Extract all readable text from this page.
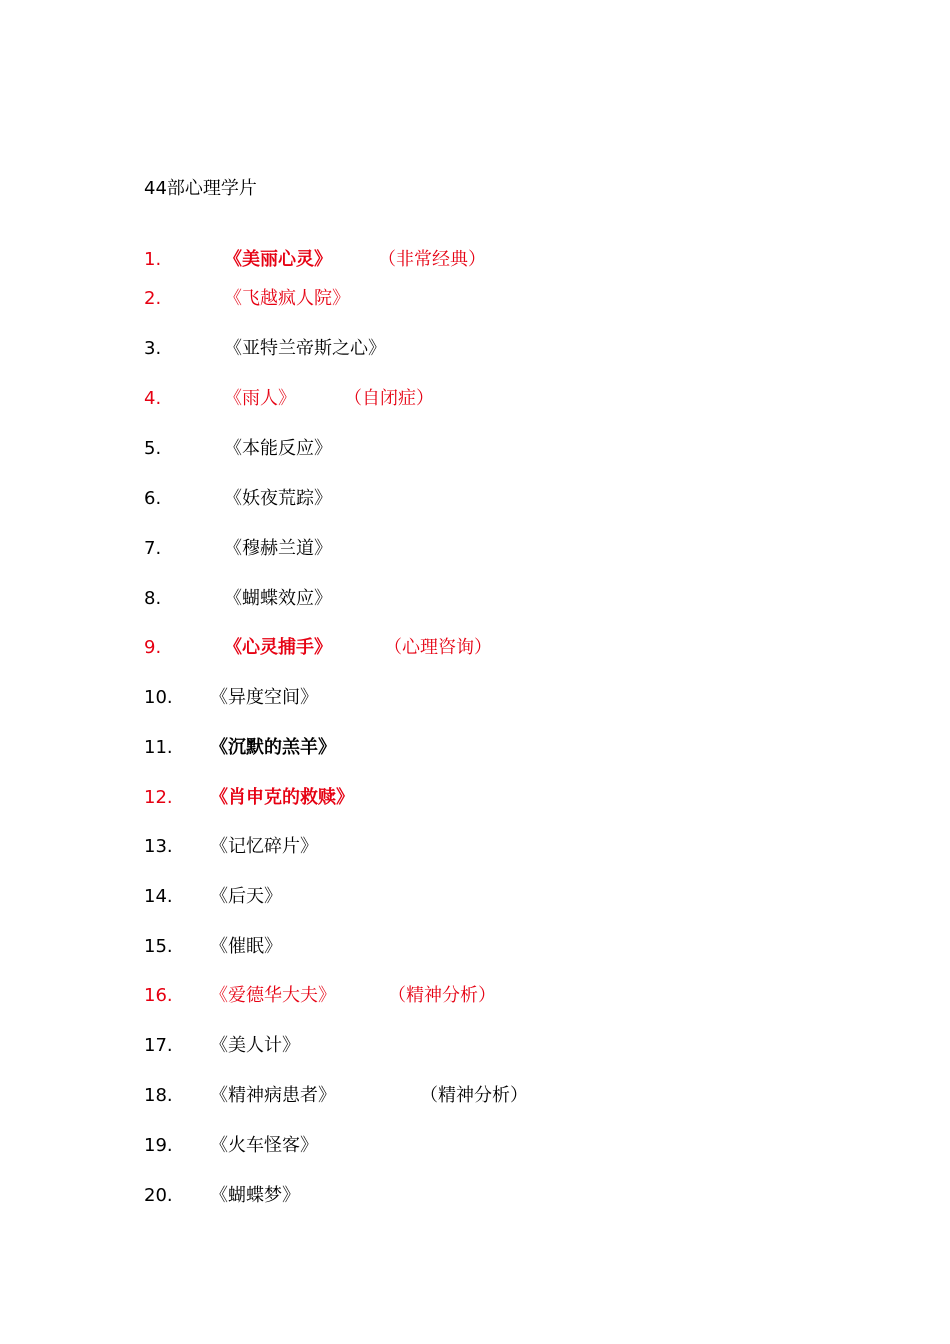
44部心理学片
1.	《美丽心灵》	（非常经典）
2.	《飞越疯人院》
3.	《亚特兰帝斯之心》
4.	《雨人》	（自闭症）
5.	《本能反应》
6.	《妖夜荒踪》
7.	《穆赫兰道》
8.	《蝴蝶效应》
9.	《心灵捕手》	（心理咨询）
10. 《异度空间》
11. 《沉默的羔羊》
12. 《肖申克的救赎》
13. 《记忆碎片》
14. 《后天》
15. 《催眠》
16. 《爱德华大夫》	（精神分析）
17. 《美人计》
18. 《精神病患者》	（精神分析）
19. 《火车怪客》
20. 《蝴蝶梦》
